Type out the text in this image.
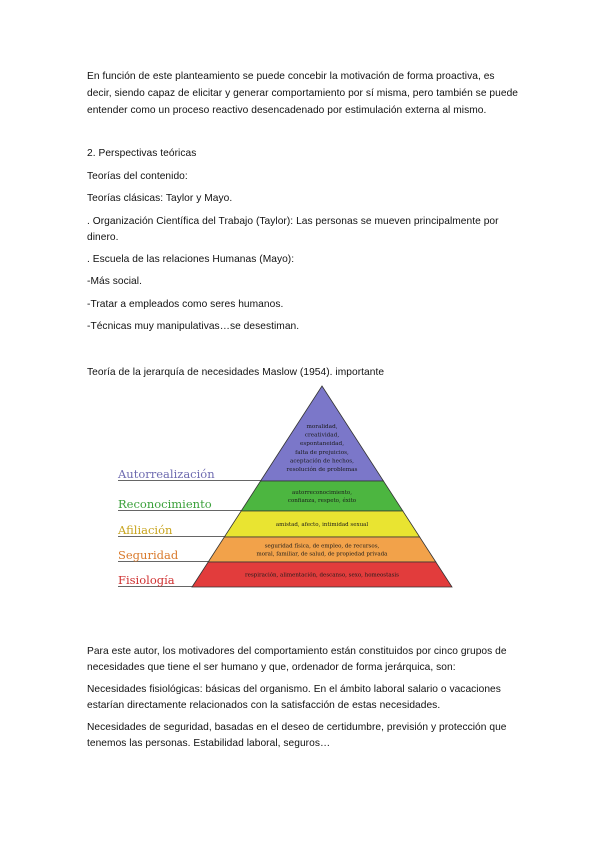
En función de este planteamiento se puede concebir la motivación de forma proactiva, es
decir, siendo capaz de elicitar y generar comportamiento por sí misma, pero también se puede
entender como un proceso reactivo desencadenado por estimulación externa al mismo.
2. Perspectivas teóricas
Teorías del contenido:
Teorías clásicas: Taylor y Mayo.
. Organización Científica del Trabajo (Taylor): Las personas se mueven principalmente por
dinero.
. Escuela de las relaciones Humanas (Mayo):
-Más social.
-Tratar a empleados como seres humanos.
-Técnicas muy manipulativas…se desestiman.
Teoría de la jerarquía de necesidades Maslow (1954). importante
Autorrealización
moralidad,
creatividad,
espontaneidad,
falta de prejuicios,
aceptación de hechos,
resolución de problemas
Reconocimiento
autorreconocimiento,
confianza, respeto, éxito
Afiliación	amistad, afecto, intimidad sexual
Seguridad
seguridad física, de empleo, de recursos,
moral, familiar, de salud, de propiedad privada
Fisiología	respiración, alimentación, descanso, sexo, homeostasis
Para este autor, los motivadores del comportamiento están constituidos por cinco grupos de
necesidades que tiene el ser humano y que, ordenador de forma jerárquica, son:
Necesidades fisiológicas: básicas del organismo. En el ámbito laboral salario o vacaciones
estarían directamente relacionados con la satisfacción de estas necesidades.
Necesidades de seguridad, basadas en el deseo de certidumbre, previsión y protección que
tenemos las personas. Estabilidad laboral, seguros…
